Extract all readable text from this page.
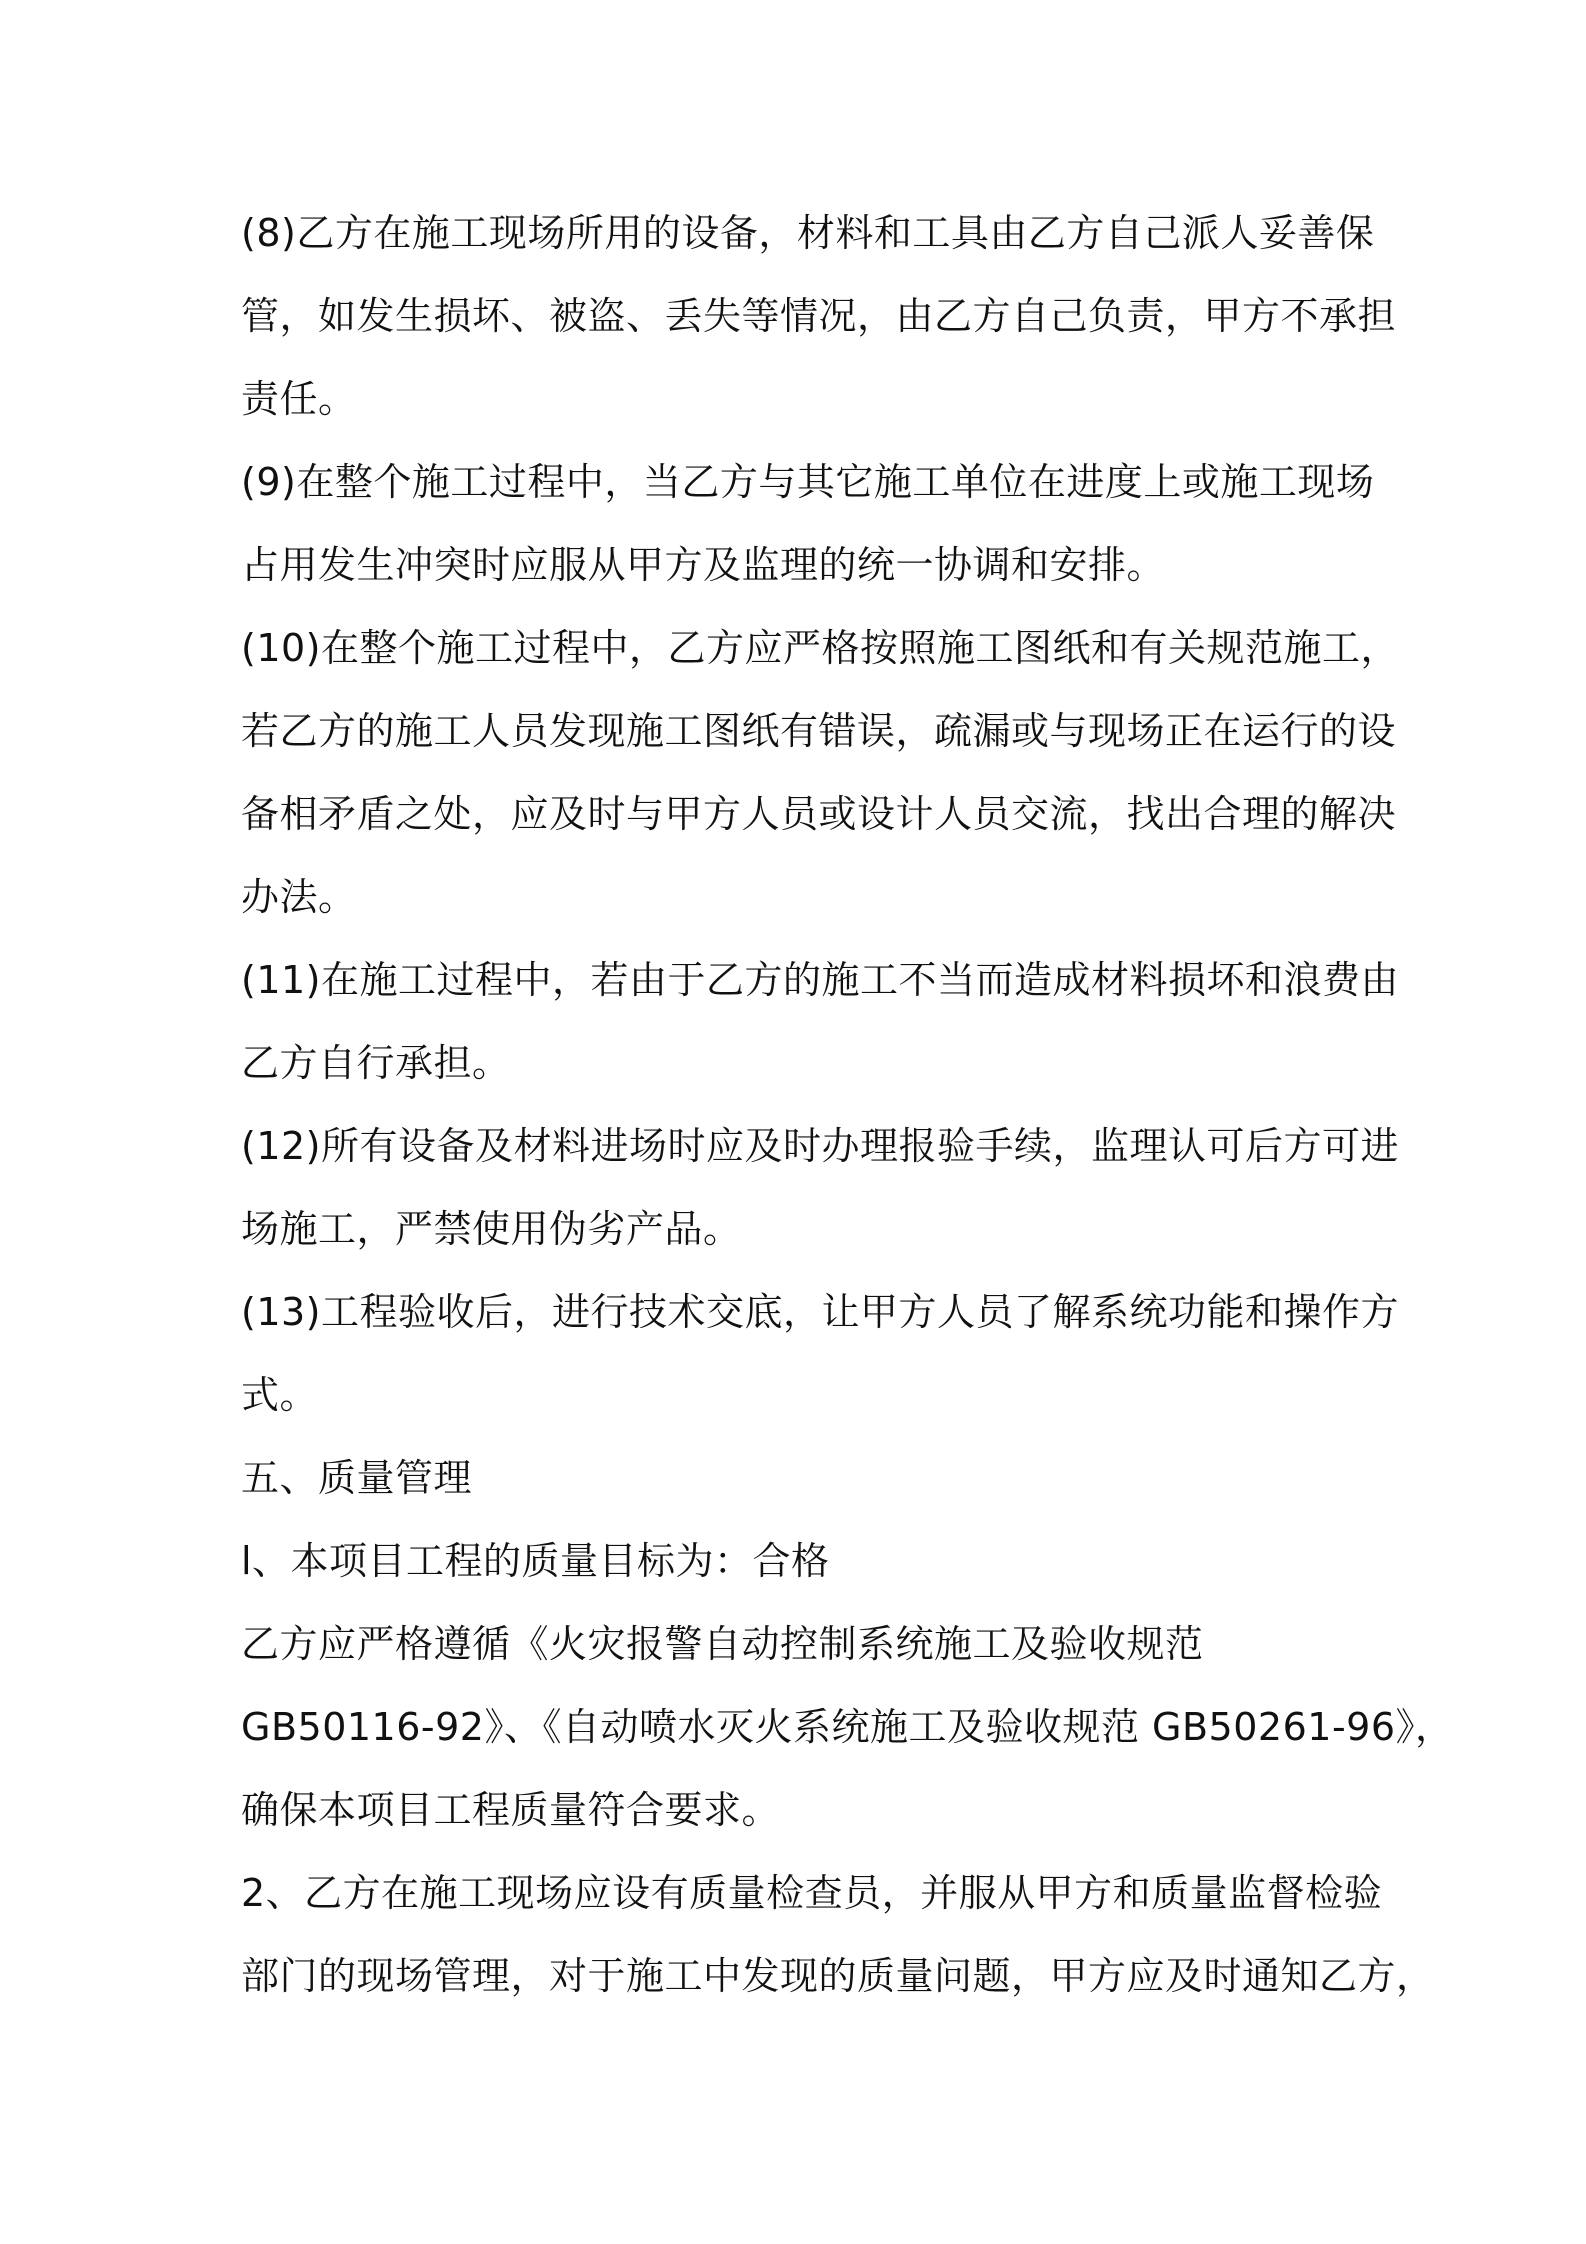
(8)乙方在施工现场所用的设备，材料和工具由乙方自己派人妥善保
管，如发生损坏、被盗、丢失等情况，由乙方自己负责，甲方不承担
责任。

(9)在整个施工过程中，当乙方与其它施工单位在进度上或施工现场
占用发生冲突时应服从甲方及监理的统一协调和安排。

(10)在整个施工过程中，乙方应严格按照施工图纸和有关规范施工，
若乙方的施工人员发现施工图纸有错误，疏漏或与现场正在运行的设
备相矛盾之处，应及时与甲方人员或设计人员交流，找出合理的解决
办法。

(11)在施工过程中，若由于乙方的施工不当而造成材料损坏和浪费由
乙方自行承担。

(12)所有设备及材料进场时应及时办理报验手续，监理认可后方可进
场施工，严禁使用伪劣产品。

(13)工程验收后，进行技术交底，让甲方人员了解系统功能和操作方
式。

五、质量管理

l、本项目工程的质量目标为：合格

乙方应严格遵循《火灾报警自动控制系统施工及验收规范
GB50116-92》、《自动喷水灭火系统施工及验收规范 GB50261-96》，
确保本项目工程质量符合要求。

2、乙方在施工现场应设有质量检查员，并服从甲方和质量监督检验
部门的现场管理，对于施工中发现的质量问题，甲方应及时通知乙方，
